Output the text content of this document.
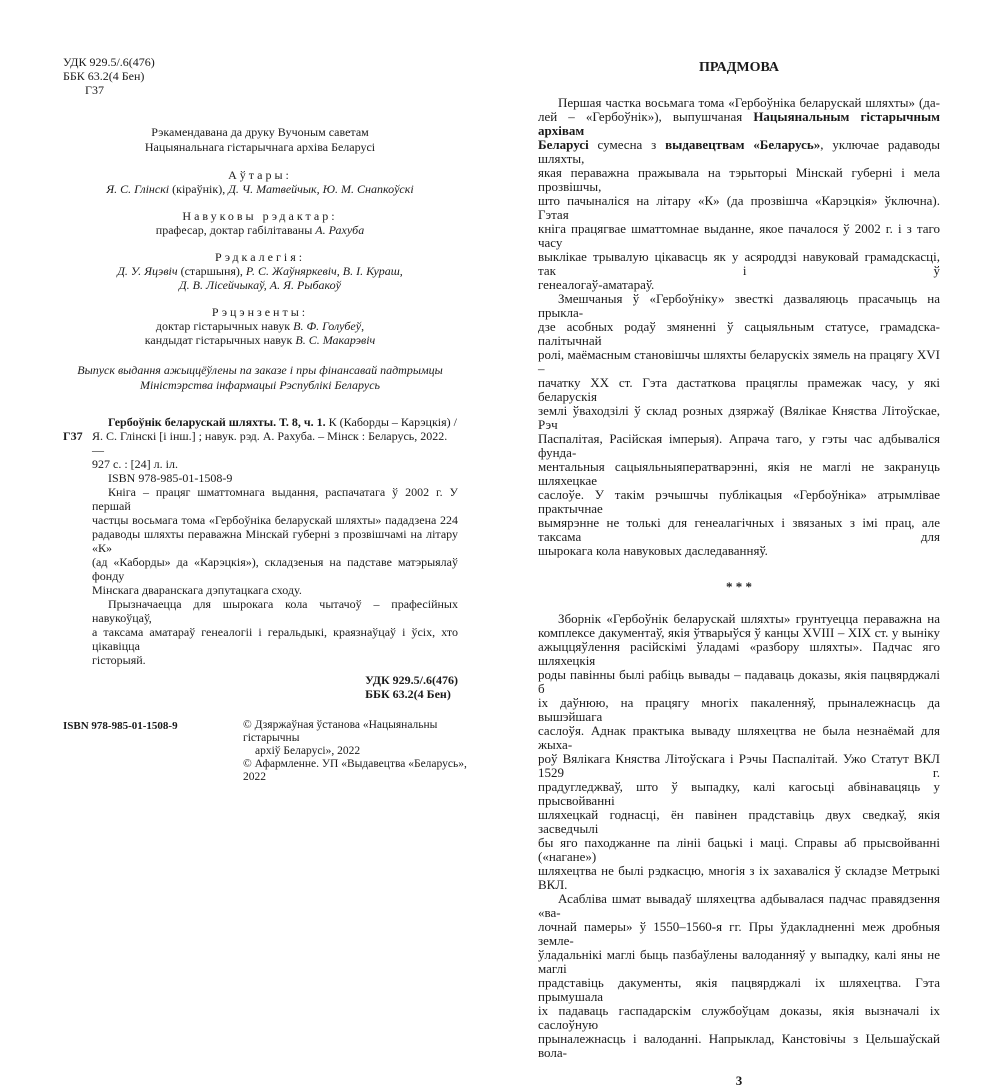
УДК 929.5/.6(476)
ББК 63.2(4 Бен)
Г37
Рэкамендавана да друку Вучоным саветам
Нацыянальнага гістарычнага архіва Беларусі
Аўтары:
Я. С. Глінскі (кіраўнік), Д. Ч. Матвейчык, Ю. М. Снапкоўскі
Навуковы рэдактар:
прафесар, доктар габілітаваны А. Рахуба
Рэдкалегія:
Д. У. Яцэвіч (старшыня), Р. С. Жаўняркевіч, В. І. Кураш,
Д. В. Лісейчыкаў, А. Я. Рыбакоў
Рэцэнзенты:
доктар гістарычных навук В. Ф. Голубеў,
кандыдат гістарычных навук В. С. Макарэвіч
Выпуск выдання ажыццёўлены па заказе і пры фінансавай падтрымцы
Міністэрства інфармацыі Рэспублікі Беларусь
Г37
Гербоўнік беларускай шляхты. Т. 8, ч. 1. К (Каборды – Карэцкія) /
Я. С. Глінскі [і інш.] ; навук. рэд. А. Рахуба. – Мінск : Беларусь, 2022. —
927 с. : [24] л. іл.
ISBN 978-985-01-1508-9
Кніга – працяг шматтомнага выдання, распачатага ў 2002 г. У першай
частцы восьмага тома «Гербоўніка беларускай шляхты» пададзена 224
радаводы шляхты пераважна Мінскай губерні з прозвішчамі на літару «К»
(ад «Каборды» да «Карэцкія»), складзеныя на падставе матэрыялаў фонду
Мінскага дваранскага дэпутацкага сходу.
Прызначаецца для шырокага кола чытачоў – прафесійных навукоўцаў,
а таксама аматараў генеалогіі і геральдыкі, краязнаўцаў і ўсіх, хто цікавіцца
гісторыяй.
УДК 929.5/.6(476)
ББК 63.2(4 Бен)
ISBN 978-985-01-1508-9	© Дзяржаўная ўстанова «Нацыянальны гістарычны
архіў Беларусі», 2022
© Афармленне. УП «Выдавецтва «Беларусь», 2022
ПРАДМОВА
Першая частка восьмага тома «Гербоўніка беларускай шляхты» (да-
лей – «Гербоўнік»), выпушчаная Нацыянальным гістарычным архівам
Беларусі сумесна з выдавецтвам «Беларусь», уключае радаводы шляхты,
якая пераважна пражывала на тэрыторыі Мінскай губерні і мела прозвішчы,
што пачыналіся на літару «К» (да прозвішча «Карэцкія» ўключна). Гэтая
кніга працягвае шматтомнае выданне, якое пачалося ў 2002 г. і з таго часу
выклікае трывалую цікавасць як у асяроддзі навуковай грамадскасці, так і ў
генеалогаў-аматараў.
Змешчаныя ў «Гербоўніку» звесткі дазваляюць прасачыць на прыкла-
дзе асобных родаў змяненні ў сацыяльным статусе, грамадска-палітычнай
ролі, маёмасным становішчы шляхты беларускіх зямель на працягу XVI –
пачатку XX ст. Гэта дастаткова працяглы прамежак часу, у які беларускія
землі ўваходзілі ў склад розных дзяржаў (Вялікае Княства Літоўскае, Рэч
Паспалітая, Расійская імперыя). Апрача таго, у гэты час адбываліся фунда-
ментальныя сацыяльныяператварэнні, якія не маглі не закрануць шляхецкае
саслоўе. У такім рэчышчы публікацыя «Гербоўніка» атрымлівае практычнае
вымярэнне не толькі для генеалагічных і звязаных з імі прац, але таксама для
шырокага кола навуковых даследаванняў.
* * *
Зборнік «Гербоўнік беларускай шляхты» грунтуецца пераважна на
комплексе дакументаў, якія ўтварыўся ў канцы XVIII – XIX ст. у выніку
ажыццяўлення расійскімі ўладамі «разбору шляхты». Падчас яго шляхецкія
роды павінны былі рабіць вывады – падаваць доказы, якія пацвярджалі б
іх даўнюю, на працягу многіх пакаленняў, прыналежнасць да вышэйшага
саслоўя. Аднак практыка вываду шляхецтва не была незнаёмай для жыха-
роў Вялікага Княства Літоўскага і Рэчы Паспалітай. Ужо Статут ВКЛ 1529 г.
прадугледжваў, што ў выпадку, калі кагосьці абвінавацяць у прысвойванні
шляхецкай годнасці, ён павінен прадставіць двух сведкаў, якія засведчылі
бы яго паходжанне па лініі бацькі і маці. Справы аб прысвойванні («нагане»)
шляхецтва не былі рэдкасцю, многія з іх захаваліся ў складзе Метрыкі ВКЛ.
Асабліва шмат вывадаў шляхецтва адбывалася падчас правядзення «ва-
лочнай памеры» ў 1550–1560-я гг. Пры ўдакладненні меж дробныя земле-
ўладальнікі маглі быць пазбаўлены валоданняў у выпадку, калі яны не маглі
прадставіць дакументы, якія пацвярджалі іх шляхецтва. Гэта прымушала
іх падаваць гаспадарскім службоўцам доказы, якія вызначалі іх саслоўную
прыналежнасць і валоданні. Напрыклад, Канстовічы з Цельшаўскай вола-
3
